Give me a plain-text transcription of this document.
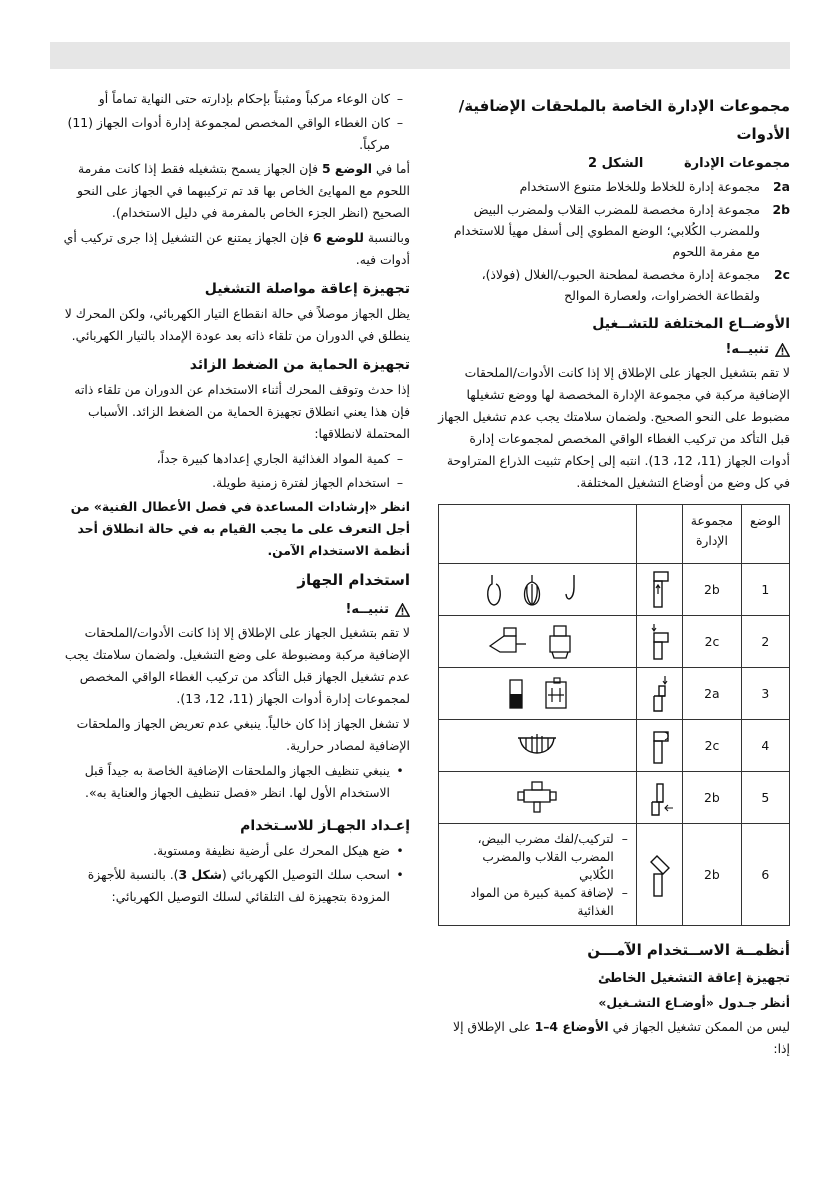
مجموعات الإدارة الخاصة بالملحقات الإضافية/ الأدوات
مجموعات الإدارة
الشكل 2
2a
مجموعة إدارة للخلاط وللخلاط متنوع الاستخدام
2b
مجموعة إدارة مخصصة للمضرب القلاب ولمضرب البيض وللمضرب الكُلابي؛ الوضع المطوي إلى أسفل مهيأ للاستخدام مع مفرمة اللحوم
2c
مجموعة إدارة مخصصة لمطحنة الحبوب/الغلال (فولاذ)، ولقطاعة الخضراوات، ولعصارة الموالح
الأوضــاع المختلفة للتشــغيل
تنبيــه!

لا تقم بتشغيل الجهاز على الإطلاق إلا إذا كانت الأدوات/الملحقات الإضافية مركبة في مجموعة الإدارة المخصصة لها ووضع تشغيلها مضبوط على النحو الصحيح. ولضمان سلامتك يجب عدم تشغيل الجهاز قبل التأكد من تركيب الغطاء الواقي المخصص لمجموعات إدارة أدوات الجهاز (11، 12، 13). انتبه إلى إحكام تثبيت الذراع المتراوحة في كل وضع من أوضاع التشغيل المختلفة.

الوضع	مجموعة الإدارة		
1	2b	

2	2c	

3	2a	

4	2c	

5	2b	

6	2b		–
لتركيب/لفك مضرب البيض، المضرب القلاب والمضرب الكُلابي
–
لإضافة كمية كبيرة من المواد الغذائية
أنظمــة الاســتخدام الآمـــن
تجهيزة إعاقة التشغيل الخاطئ
أنظر جـدول «أوضـاع التشـغيل»

ليس من الممكن تشغيل الجهاز في الأوضاع 4–1 على الإطلاق إلا إذا:

–
كان الوعاء مركباً ومثبتاً بإحكام بإدارته حتى النهاية تماماً أو
–
كان الغطاء الواقي المخصص لمجموعة إدارة أدوات الجهاز (11) مركباً.

أما في الوضع 5 فإن الجهاز يسمح بتشغيله فقط إذا كانت مفرمة اللحوم مع المهايئ الخاص بها قد تم تركيبهما في الجهاز على النحو الصحيح (انظر الجزء الخاص بالمفرمة في دليل الاستخدام).

وبالنسبة للوضع 6 فإن الجهاز يمتنع عن التشغيل إذا جرى تركيب أي أدوات فيه.

تجهيزة إعاقة مواصلة التشغيل

يظل الجهاز موصلاً في حالة انقطاع التيار الكهربائي، ولكن المحرك لا ينطلق في الدوران من تلقاء ذاته بعد عودة الإمداد بالتيار الكهربائي.

تجهيزة الحماية من الضغط الزائد

إذا حدث وتوقف المحرك أثناء الاستخدام عن الدوران من تلقاء ذاته فإن هذا يعني انطلاق تجهيزة الحماية من الضغط الزائد. الأسباب المحتملة لانطلاقها:

–
كمية المواد الغذائية الجاري إعدادها كبيرة جداً،
–
استخدام الجهاز لفترة زمنية طويلة.

انظر «إرشادات المساعدة في فصل الأعطال الفنية» من أجل التعرف على ما يجب القيام به في حالة انطلاق أحد أنظمة الاستخدام الآمن.

استخدام الجهاز
تنبيــه!

لا تقم بتشغيل الجهاز على الإطلاق إلا إذا كانت الأدوات/الملحقات الإضافية مركبة ومضبوطة على وضع التشغيل. ولضمان سلامتك يجب عدم تشغيل الجهاز قبل التأكد من تركيب الغطاء الواقي المخصص لمجموعات إدارة أدوات الجهاز (11، 12، 13).

لا تشغل الجهاز إذا كان خالياً. ينبغي عدم تعريض الجهاز والملحقات الإضافية لمصادر حرارية.

•
ينبغي تنظيف الجهاز والملحقات الإضافية الخاصة به جيداً قبل الاستخدام الأول لها. انظر «فصل تنظيف الجهاز والعناية به».
إعـداد الجهـاز للاسـتخدام
•
ضع هيكل المحرك على أرضية نظيفة ومستوية.
•
اسحب سلك التوصيل الكهربائي (شكل 3). بالنسبة للأجهزة المزودة بتجهيزة لف التلقائي لسلك التوصيل الكهربائي:
